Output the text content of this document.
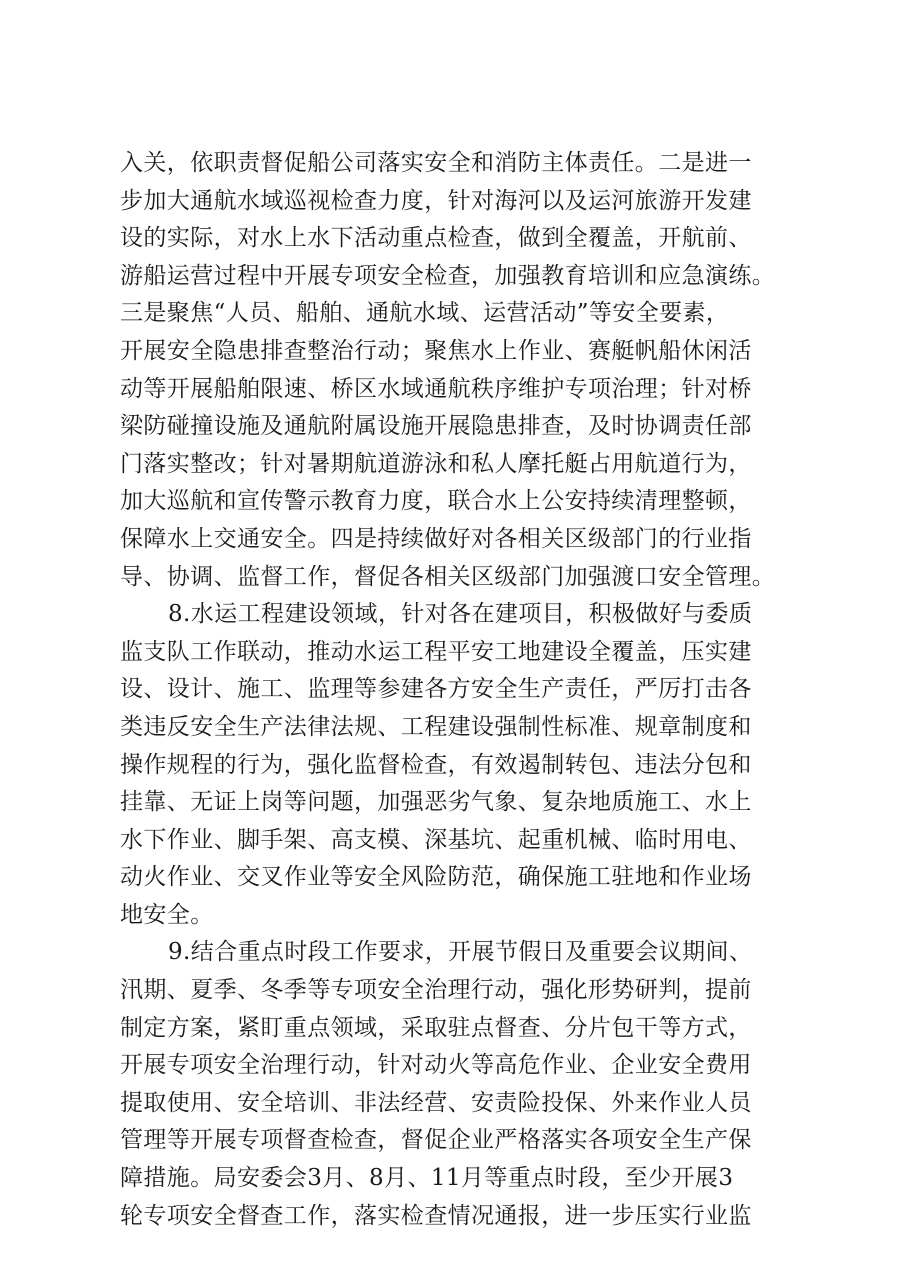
入关，依职责督促船公司落实安全和消防主体责任。二是进一
步加大通航水域巡视检查力度，针对海河以及运河旅游开发建
设的实际，对水上水下活动重点检查，做到全覆盖，开航前、
游船运营过程中开展专项安全检查，加强教育培训和应急演练。
三是聚焦“人员、船舶、通航水域、运营活动”等安全要素，
开展安全隐患排查整治行动；聚焦水上作业、赛艇帆船休闲活
动等开展船舶限速、桥区水域通航秩序维护专项治理；针对桥
梁防碰撞设施及通航附属设施开展隐患排查，及时协调责任部
门落实整改；针对暑期航道游泳和私人摩托艇占用航道行为，
加大巡航和宣传警示教育力度，联合水上公安持续清理整顿，
保障水上交通安全。四是持续做好对各相关区级部门的行业指
导、协调、监督工作，督促各相关区级部门加强渡口安全管理。
8.水运工程建设领域，针对各在建项目，积极做好与委质
监支队工作联动，推动水运工程平安工地建设全覆盖，压实建
设、设计、施工、监理等参建各方安全生产责任，严厉打击各
类违反安全生产法律法规、工程建设强制性标准、规章制度和
操作规程的行为，强化监督检查，有效遏制转包、违法分包和
挂靠、无证上岗等问题，加强恶劣气象、复杂地质施工、水上
水下作业、脚手架、高支模、深基坑、起重机械、临时用电、
动火作业、交叉作业等安全风险防范，确保施工驻地和作业场
地安全。
9.结合重点时段工作要求，开展节假日及重要会议期间、
汛期、夏季、冬季等专项安全治理行动，强化形势研判，提前
制定方案，紧盯重点领域，采取驻点督查、分片包干等方式，
开展专项安全治理行动，针对动火等高危作业、企业安全费用
提取使用、安全培训、非法经营、安责险投保、外来作业人员
管理等开展专项督查检查，督促企业严格落实各项安全生产保
障措施。局安委会3月、8月、11月等重点时段，至少开展3
轮专项安全督查工作，落实检查情况通报，进一步压实行业监
